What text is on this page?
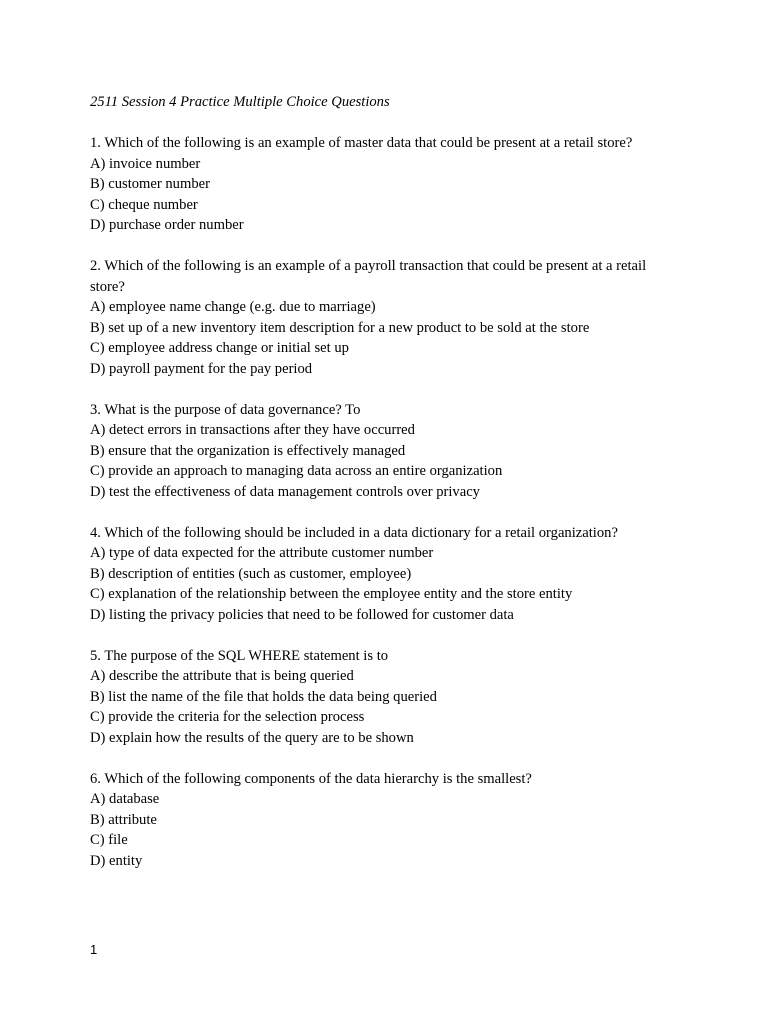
2511 Session 4 Practice Multiple Choice Questions

1. Which of the following is an example of master data that could be present at a retail store?
A) invoice number
B) customer number
C) cheque number
D) purchase order number
2. Which of the following is an example of a payroll transaction that could be present at a retail store?
A) employee name change (e.g. due to marriage)
B) set up of a new inventory item description for a new product to be sold at the store
C) employee address change or initial set up
D) payroll payment for the pay period
3. What is the purpose of data governance? To
A) detect errors in transactions after they have occurred
B) ensure that the organization is effectively managed
C) provide an approach to managing data across an entire organization
D) test the effectiveness of data management controls over privacy
4. Which of the following should be included in a data dictionary for a retail organization?
A) type of data expected for the attribute customer number
B) description of entities (such as customer, employee)
C) explanation of the relationship between the employee entity and the store entity
D) listing the privacy policies that need to be followed for customer data
5. The purpose of the SQL WHERE statement is to
A) describe the attribute that is being queried
B) list the name of the file that holds the data being queried
C) provide the criteria for the selection process
D) explain how the results of the query are to be shown
6. Which of the following components of the data hierarchy is the smallest?
A) database
B) attribute
C) file
D) entity
1
